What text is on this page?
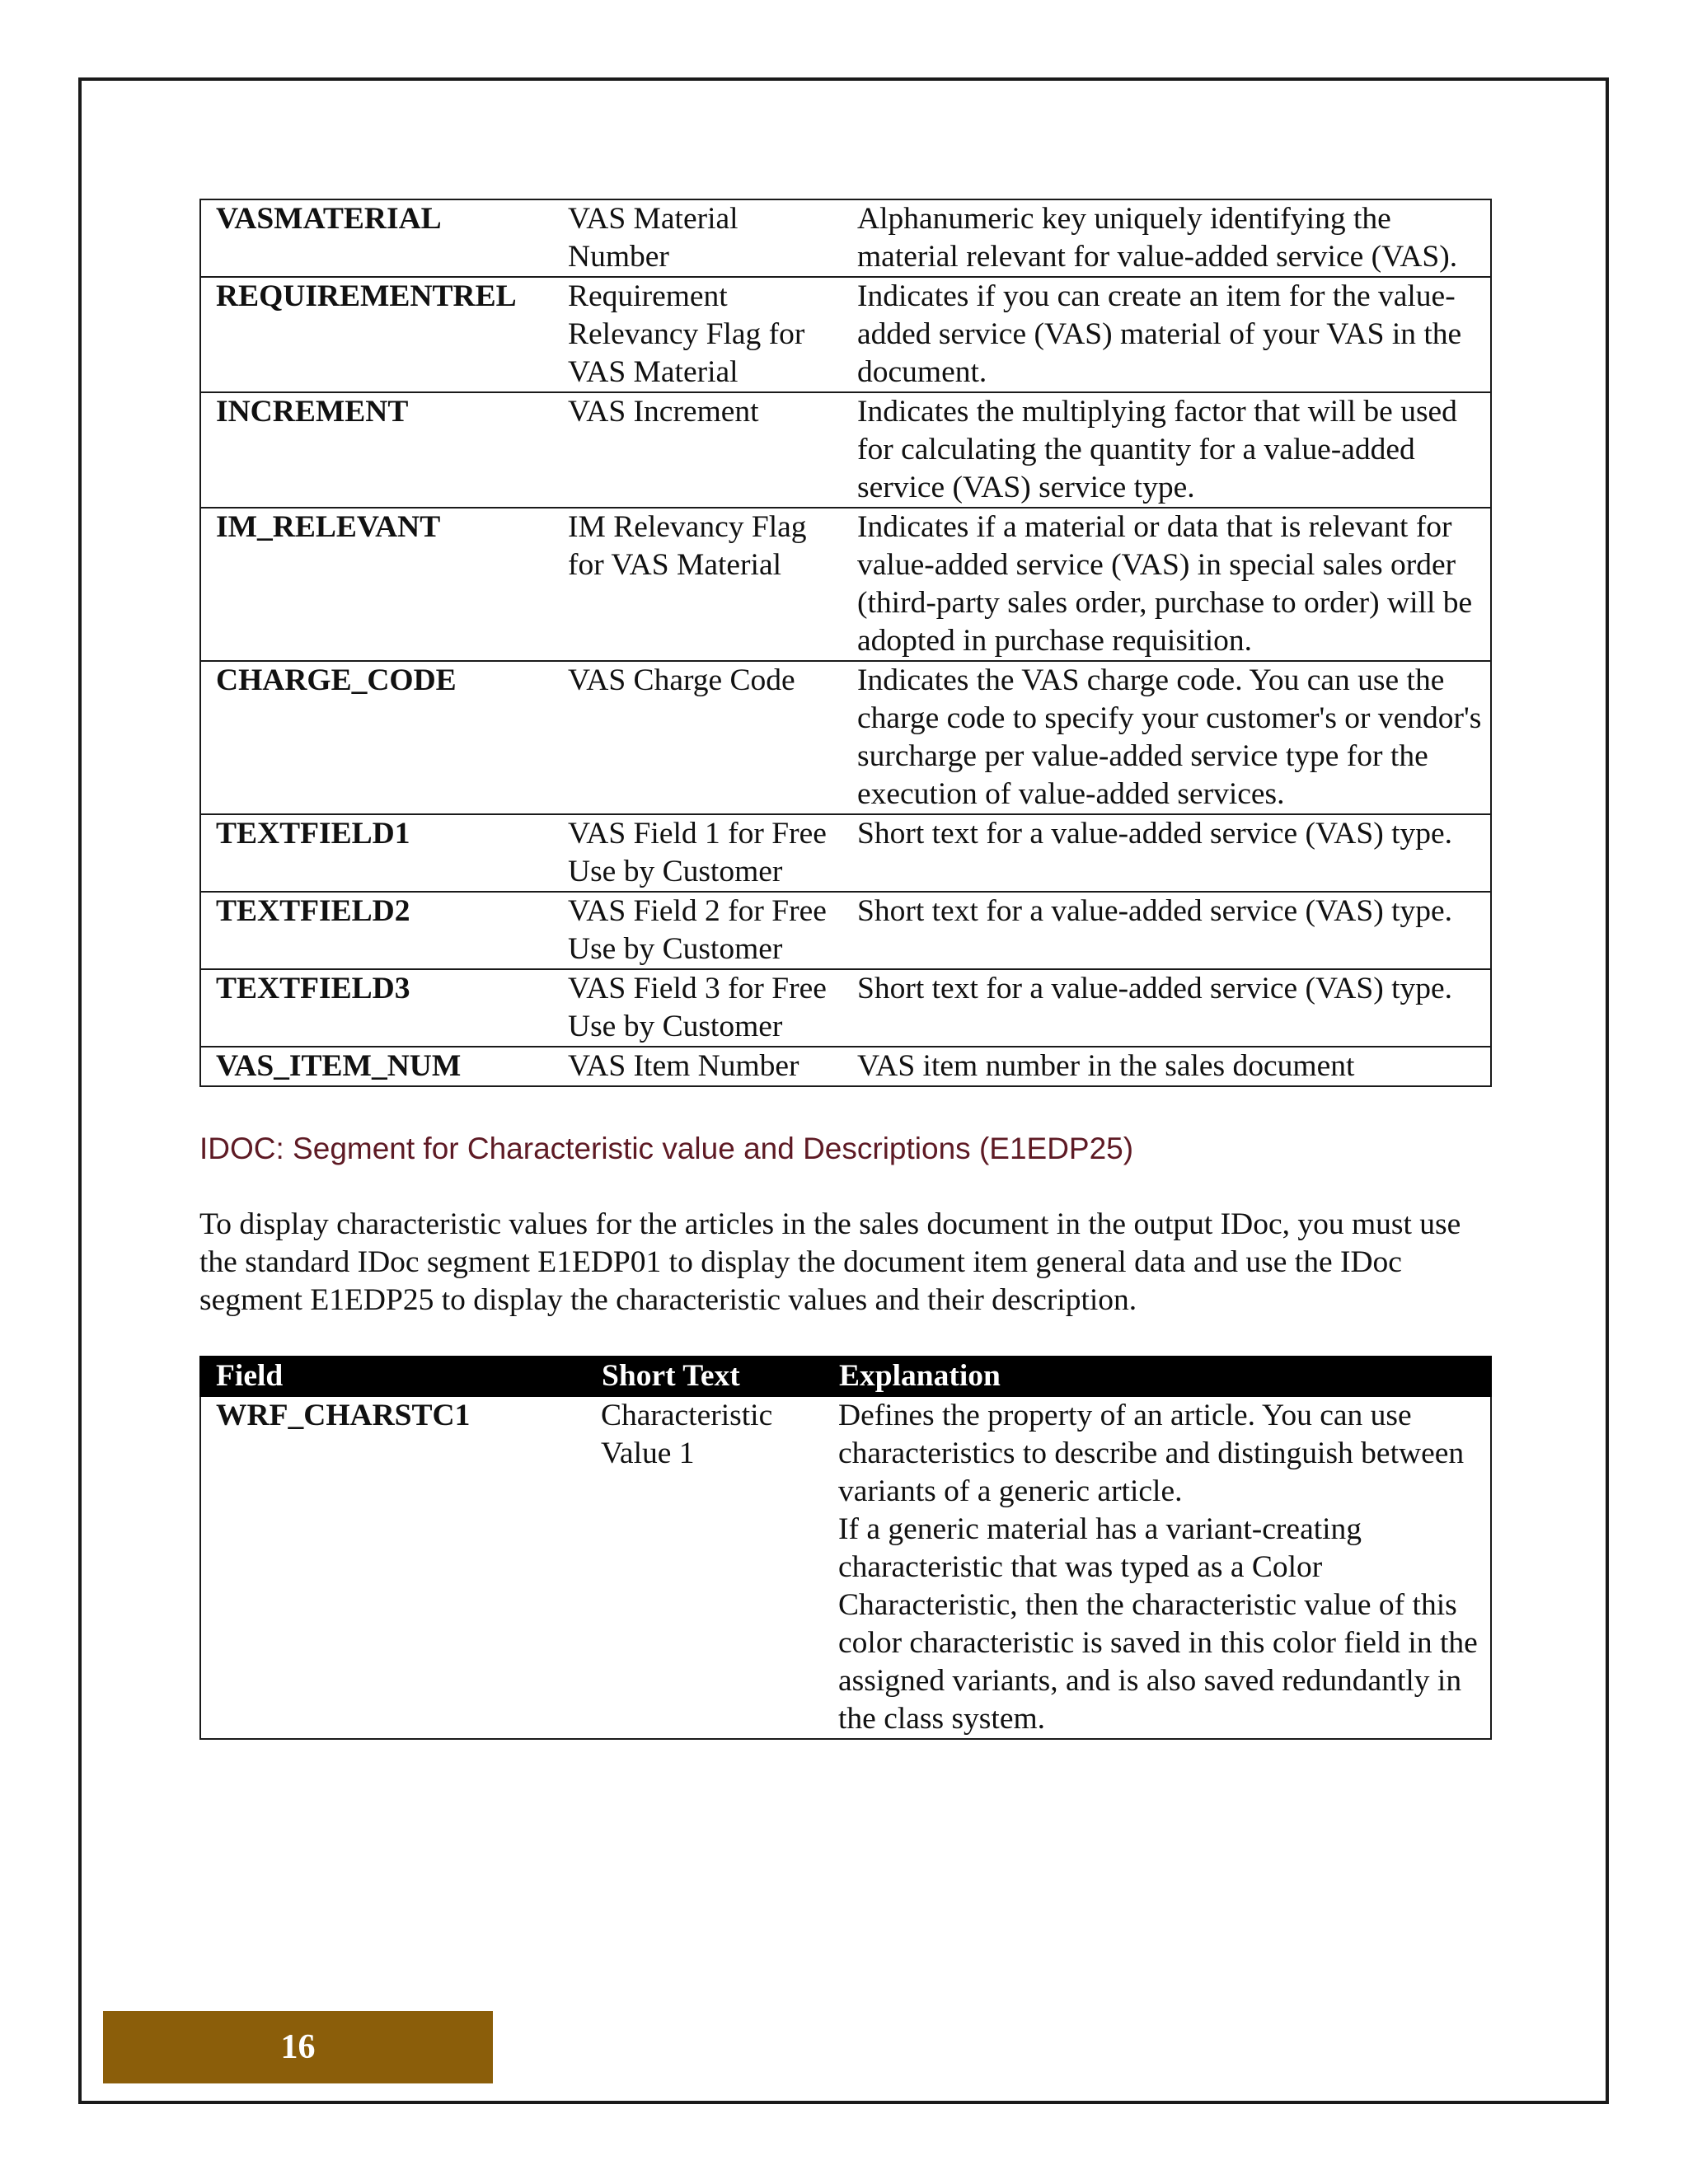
VASMATERIAL	VAS Material Number	Alphanumeric key uniquely identifying the material relevant for value-added service (VAS).
REQUIREMENTREL	Requirement Relevancy Flag for VAS Material	Indicates if you can create an item for the value-added service (VAS) material of your VAS in the document.
INCREMENT	VAS Increment	Indicates the multiplying factor that will be used for calculating the quantity for a value-added service (VAS) service type.
IM_RELEVANT	IM Relevancy Flag for VAS Material	Indicates if a material or data that is relevant for value-added service (VAS) in special sales order (third-party sales order, purchase to order) will be adopted in purchase requisition.
CHARGE_CODE	VAS Charge Code	Indicates the VAS charge code. You can use the charge code to specify your customer's or vendor's surcharge per value-added service type for the execution of value-added services.
TEXTFIELD1	VAS Field 1 for Free Use by Customer	Short text for a value-added service (VAS) type.
TEXTFIELD2	VAS Field 2 for Free Use by Customer	Short text for a value-added service (VAS) type.
TEXTFIELD3	VAS Field 3 for Free Use by Customer	Short text for a value-added service (VAS) type.
VAS_ITEM_NUM	VAS Item Number	VAS item number in the sales document
IDOC: Segment for Characteristic value and Descriptions (E1EDP25)

To display characteristic values for the articles in the sales document in the output IDoc, you must use the standard IDoc segment E1EDP01 to display the document item general data and use the IDoc segment E1EDP25 to display the characteristic values and their description.

Field	Short Text	Explanation
WRF_CHARSTC1	Characteristic Value 1	Defines the property of an article. You can use characteristics to describe and distinguish between variants of a generic article.
If a generic material has a variant-creating characteristic that was typed as a Color Characteristic, then the characteristic value of this color characteristic is saved in this color field in the assigned variants, and is also saved redundantly in the class system.
16
